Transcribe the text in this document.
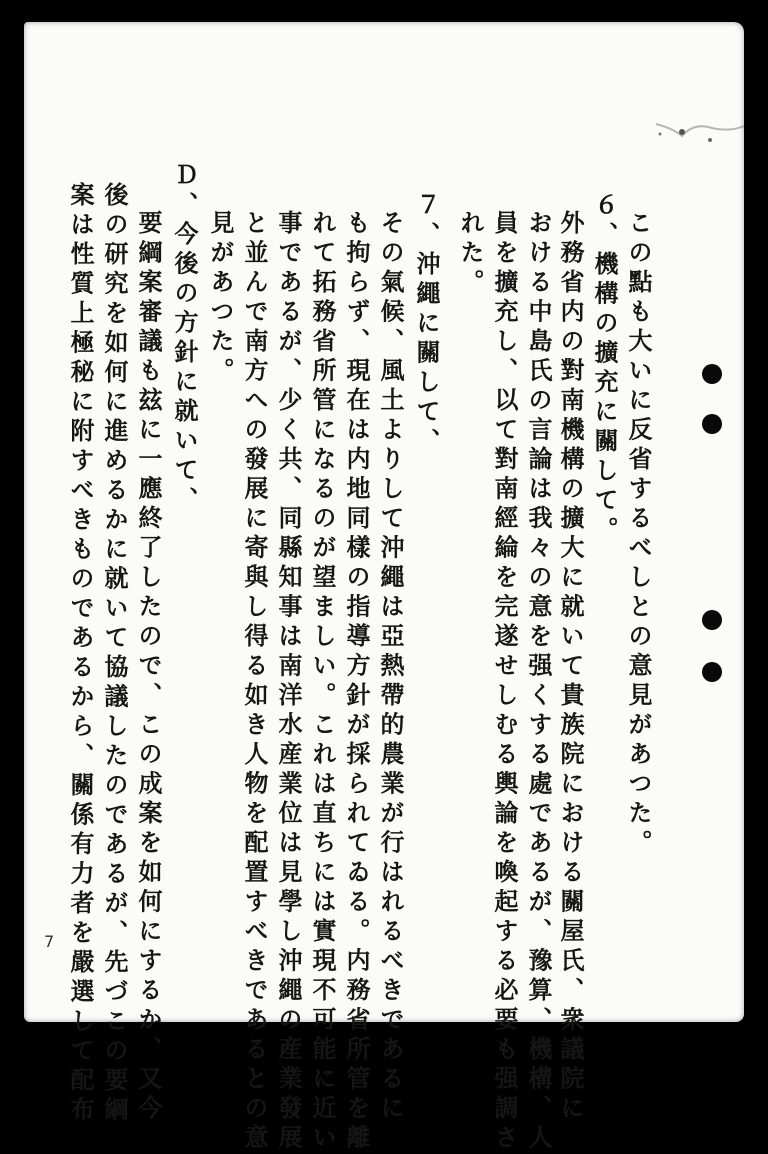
この點も大いに反省するべしとの意見があつた。
６、機構の擴充に關して。
外務省内の對南機構の擴大に就いて貴族院における關屋氏、衆議院に
おける中島氏の言論は我々の意を强くする處であるが、豫算、機構、人
員を擴充し、以て對南經綸を完遂せしむる輿論を喚起する必要も强調さ
れた。
７、沖繩に關して、
その氣候、風土よりして沖繩は亞熱帶的農業が行はれるべきであるに
も拘らず、現在は内地同樣の指導方針が採られてゐる。内務省所管を離
れて拓務省所管になるのが望ましい。これは直ちには實現不可能に近い
事であるが、少く共、同縣知事は南洋水産業位は見學し沖繩の産業發展
と並んで南方への發展に寄與し得る如き人物を配置すべきであるとの意
見があつた。
Ｄ、今後の方針に就いて、
要綱案審議も玆に一應終了したので、この成案を如何にするか、又今
後の研究を如何に進めるかに就いて協議したのであるが、先づこの要綱
案は性質上極秘に附すべきものであるから、關係有力者を嚴選して配布
7
